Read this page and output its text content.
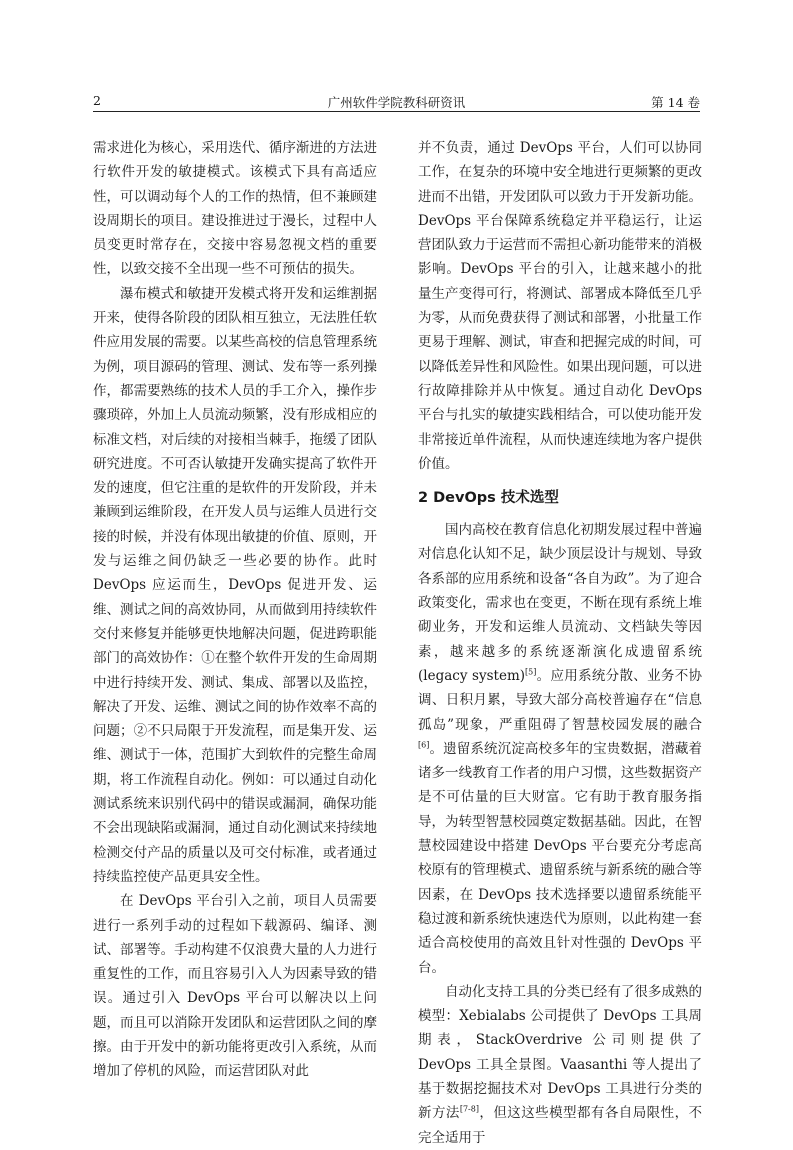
2	广州软件学院教科研资讯	第 14 卷

需求进化为核心，采用迭代、循序渐进的方法进行软件开发的敏捷模式。该模式下具有高适应性，可以调动每个人的工作的热情，但不兼顾建设周期长的项目。建设推进过于漫长，过程中人员变更时常存在，交接中容易忽视文档的重要性，以致交接不全出现一些不可预估的损失。

瀑布模式和敏捷开发模式将开发和运维割据开来，使得各阶段的团队相互独立，无法胜任软件应用发展的需要。以某些高校的信息管理系统为例，项目源码的管理、测试、发布等一系列操作，都需要熟练的技术人员的手工介入，操作步骤琐碎，外加上人员流动频繁，没有形成相应的标准文档，对后续的对接相当棘手，拖缓了团队研究进度。不可否认敏捷开发确实提高了软件开发的速度，但它注重的是软件的开发阶段，并未兼顾到运维阶段，在开发人员与运维人员进行交接的时候，并没有体现出敏捷的价值、原则，开发与运维之间仍缺乏一些必要的协作。此时 DevOps 应运而生，DevOps 促进开发、运维、测试之间的高效协同，从而做到用持续软件交付来修复并能够更快地解决问题，促进跨职能部门的高效协作：①在整个软件开发的生命周期中进行持续开发、测试、集成、部署以及监控，解决了开发、运维、测试之间的协作效率不高的问题；②不只局限于开发流程，而是集开发、运维、测试于一体，范围扩大到软件的完整生命周期，将工作流程自动化。例如：可以通过自动化测试系统来识别代码中的错误或漏洞，确保功能不会出现缺陷或漏洞，通过自动化测试来持续地检测交付产品的质量以及可交付标准，或者通过持续监控使产品更具安全性。

在 DevOps 平台引入之前，项目人员需要进行一系列手动的过程如下载源码、编译、测试、部署等。手动构建不仅浪费大量的人力进行重复性的工作，而且容易引入人为因素导致的错误。通过引入 DevOps 平台可以解决以上问题，而且可以消除开发团队和运营团队之间的摩擦。由于开发中的新功能将更改引入系统，从而增加了停机的风险，而运营团队对此

并不负责，通过 DevOps 平台，人们可以协同工作，在复杂的环境中安全地进行更频繁的更改进而不出错，开发团队可以致力于开发新功能。DevOps 平台保障系统稳定并平稳运行，让运营团队致力于运营而不需担心新功能带来的消极影响。DevOps 平台的引入，让越来越小的批量生产变得可行，将测试、部署成本降低至几乎为零，从而免费获得了测试和部署，小批量工作更易于理解、测试，审查和把握完成的时间，可以降低差异性和风险性。如果出现问题，可以进行故障排除并从中恢复。通过自动化 DevOps 平台与扎实的敏捷实践相结合，可以使功能开发非常接近单件流程，从而快速连续地为客户提供价值。

2 DevOps 技术选型

国内高校在教育信息化初期发展过程中普遍对信息化认知不足，缺少顶层设计与规划、导致各系部的应用系统和设备“各自为政”。为了迎合政策变化，需求也在变更，不断在现有系统上堆砌业务，开发和运维人员流动、文档缺失等因素，越来越多的系统逐渐演化成遗留系统(legacy system)[5]。应用系统分散、业务不协调、日积月累，导致大部分高校普遍存在“信息孤岛”现象，严重阻碍了智慧校园发展的融合[6]。遗留系统沉淀高校多年的宝贵数据，潜藏着诸多一线教育工作者的用户习惯，这些数据资产是不可估量的巨大财富。它有助于教育服务指导，为转型智慧校园奠定数据基础。因此，在智慧校园建设中搭建 DevOps 平台要充分考虑高校原有的管理模式、遗留系统与新系统的融合等因素，在 DevOps 技术选择要以遗留系统能平稳过渡和新系统快速迭代为原则，以此构建一套适合高校使用的高效且针对性强的 DevOps 平台。

自动化支持工具的分类已经有了很多成熟的模型：Xebialabs 公司提供了 DevOps 工具周期表，StackOverdrive 公司则提供了 DevOps 工具全景图。Vaasanthi 等人提出了基于数据挖掘技术对 DevOps 工具进行分类的新方法[7-8]，但这这些模型都有各自局限性，不完全适用于
